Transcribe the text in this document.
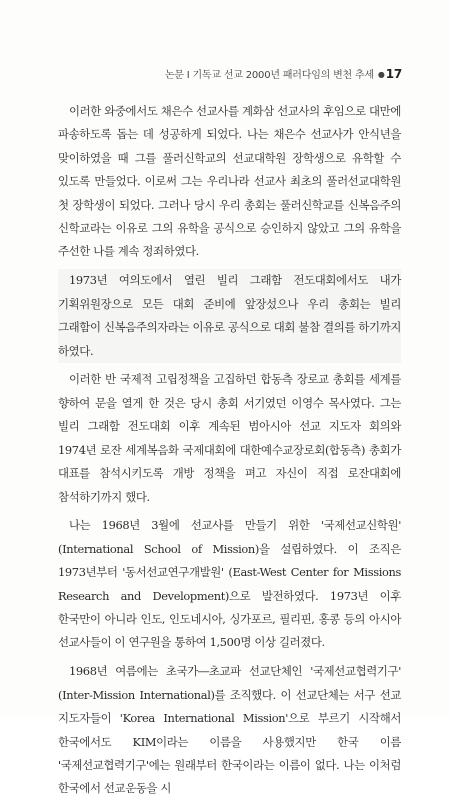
논문 I 기독교 선교 2000년 패러다임의 변천 추세 ●17

이러한 와중에서도 채은수 선교사를 계화삼 선교사의 후임으로 대만에 파송하도록 돕는 데 성공하게 되었다. 나는 채은수 선교사가 안식년을 맞이하였을 때 그를 풀러신학교의 선교대학원 장학생으로 유학할 수 있도록 만들었다. 이로써 그는 우리나라 선교사 최초의 풀러선교대학원 첫 장학생이 되었다. 그러나 당시 우리 총회는 풀러신학교를 신복음주의 신학교라는 이유로 그의 유학을 공식으로 승인하지 않았고 그의 유학을 주선한 나를 계속 정죄하였다.

1973년 여의도에서 열린 빌리 그래함 전도대회에서도 내가 기획위원장으로 모든 대회 준비에 앞장섰으나 우리 총회는 빌리 그래함이 신복음주의자라는 이유로 공식으로 대회 불참 결의를 하기까지 하였다.

이러한 반 국제적 고립정책을 고집하던 합동측 장로교 총회를 세계를 향하여 문을 열게 한 것은 당시 총회 서기였던 이영수 목사였다. 그는 빌리 그래함 전도대회 이후 계속된 범아시아 선교 지도자 회의와 1974년 로잔 세계복음화 국제대회에 대한예수교장로회(합동측) 총회가 대표를 참석시키도록 개방 정책을 펴고 자신이 직접 로잔대회에 참석하기까지 했다.

나는 1968년 3월에 선교사를 만들기 위한 '국제선교신학원' (International School of Mission)을 설립하였다. 이 조직은 1973년부터 '동서선교연구개발원' (East-West Center for Missions Research and Development)으로 발전하였다. 1973년 이후 한국만이 아니라 인도, 인도네시아, 싱가포르, 필리핀, 홍콩 등의 아시아 선교사들이 이 연구원을 통하여 1,500명 이상 길러졌다.

1968년 여름에는 초국가―초교파 선교단체인 '국제선교협력기구' (Inter-Mission International)를 조직했다. 이 선교단체는 서구 선교 지도자들이 'Korea International Mission'으로 부르기 시작해서 한국에서도 KIM이라는 이름을 사용했지만 한국 이름 '국제선교협력기구'에는 원래부터 한국이라는 이름이 없다. 나는 이처럼 한국에서 선교운동을 시
